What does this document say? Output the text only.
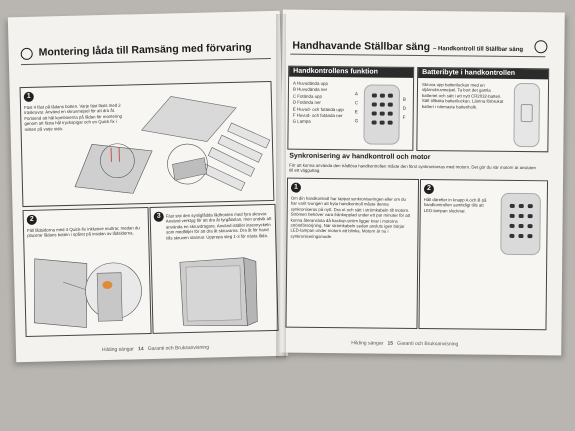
Montering låda till Ramsäng med förvaring
1
Fäst 4 fäst på lådans botten. Varje fäst fästs med 2 träskruvar. Använd en skruvmejsel för att dra åt. Fortsend att hål kombinerna på lådan för montering genom att fästa hål tryckspigar och en Quick fix i mitten på varje sida.
2
Fäll lådsidorna med 4 Quick-fix inklusive muttrar, medan du placerar lådans botten i spåret på insidan av lådsidorna.
3	Fäst sist den synliglådda lådfronten med fyra skruvar. Använd verktyg för att dra åt fyrgålarlan, men undvik att använda en skruvdragare. Använd istället insexnyckeln som medföljer för att dra åt skruvarna. Dra åt för hand tills skruven stannar. Upprepa steg 1-3 för nästa låda.
Hilding sängar 14 Garanti och Bruksanvisning
Handhavande Ställbar säng – Handkontroll till Ställbar säng
Handkontrollens funktion
A Huvudända upp
B Huvudända ner
C Fotända upp
D Fotända ner
E Huvud- och fotända upp
F Huvud- och fotända ner
G Lampa
A
C
E
G
B
D
F
Batteribyte i handkontrollen
Skruva upp batteriluckan med en stjärnskruvmejsel. Ta bort det gamla batteriet och sätt i ett nytt CR2032-batteri. Sätt tillbaka batteriluckan. Lämna förbrukat batteri i närmaste batteriholk.
Synkronisering av handkontroll och motor
För att kunna använda den trådlösa handkontrollen måste den först synkroniseras med motorn. Det gör du när motorn är ansluten till ett vägguttag.
1
Om din handkontroll har tappat synkroniseringen eller om du har varit tvungen att byta handkontroll måste denna synkroniseras på nytt. Dra ut och sätt i strömkabeln till motorn. Strömen behöver vara frånkopplad under ett par minuter för att kunna återansluta då backup-ström ligger kvar i motorns strömförsörjning. När strömkabeln sedan ansluts igen börjar LED-lampan under motorn att blinka. Motorn är nu i synkroniseringsmode.
2
Håll därefter in knapp A och B på handkontrollen samtidigt tills att LED-lampan slocknar.
Hilding sängar 15 Garanti och Bruksanvisning
